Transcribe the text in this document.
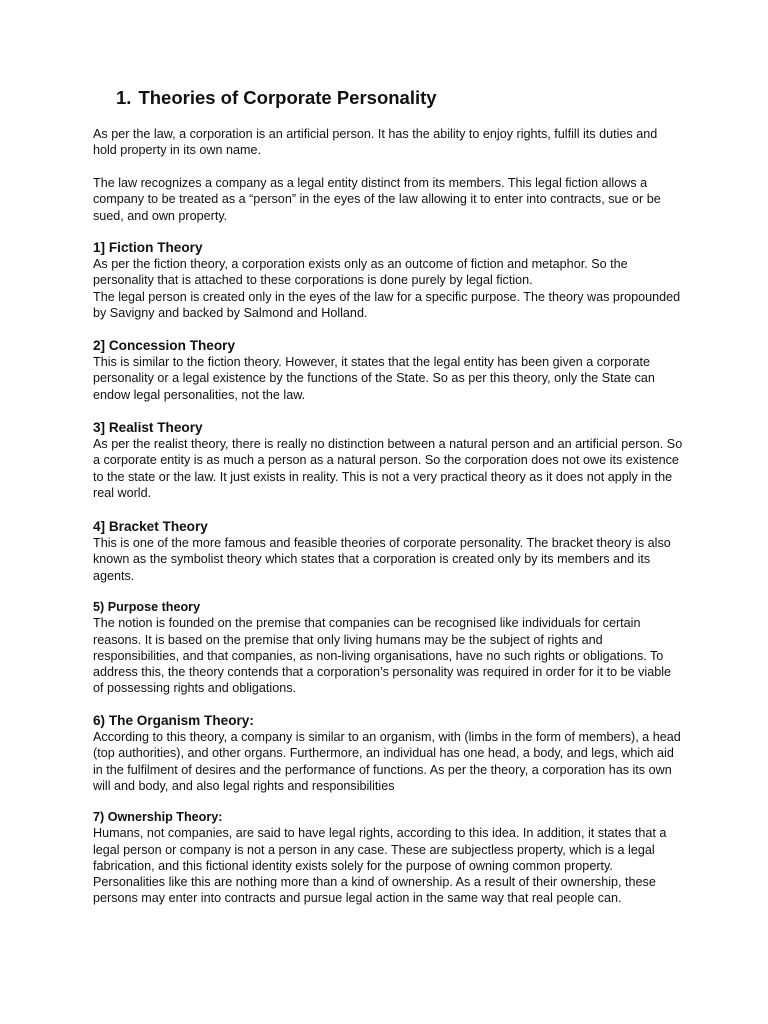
1. Theories of Corporate Personality

As per the law, a corporation is an artificial person. It has the ability to enjoy rights, fulfill its duties and hold property in its own name.

The law recognizes a company as a legal entity distinct from its members. This legal fiction allows a company to be treated as a “person” in the eyes of the law allowing it to enter into contracts, sue or be sued, and own property.

1] Fiction Theory

As per the fiction theory, a corporation exists only as an outcome of fiction and metaphor. So the personality that is attached to these corporations is done purely by legal fiction.

The legal person is created only in the eyes of the law for a specific purpose. The theory was propounded by Savigny and backed by Salmond and Holland.

2] Concession Theory

This is similar to the fiction theory. However, it states that the legal entity has been given a corporate personality or a legal existence by the functions of the State. So as per this theory, only the State can endow legal personalities, not the law.

3] Realist Theory

As per the realist theory, there is really no distinction between a natural person and an artificial person. So a corporate entity is as much a person as a natural person. So the corporation does not owe its existence to the state or the law. It just exists in reality. This is not a very practical theory as it does not apply in the real world.

4] Bracket Theory

This is one of the more famous and feasible theories of corporate personality. The bracket theory is also known as the symbolist theory which states that a corporation is created only by its members and its agents.

5) Purpose theory

The notion is founded on the premise that companies can be recognised like individuals for certain reasons. It is based on the premise that only living humans may be the subject of rights and responsibilities, and that companies, as non-living organisations, have no such rights or obligations. To address this, the theory contends that a corporation’s personality was required in order for it to be viable of possessing rights and obligations.

6) The Organism Theory:

According to this theory, a company is similar to an organism, with (limbs in the form of members), a head (top authorities), and other organs. Furthermore, an individual has one head, a body, and legs, which aid in the fulfilment of desires and the performance of functions. As per the theory, a corporation has its own will and body, and also legal rights and responsibilities

7) Ownership Theory:

Humans, not companies, are said to have legal rights, according to this idea. In addition, it states that a legal person or company is not a person in any case. These are subjectless property, which is a legal fabrication, and this fictional identity exists solely for the purpose of owning common property. Personalities like this are nothing more than a kind of ownership. As a result of their ownership, these persons may enter into contracts and pursue legal action in the same way that real people can.
